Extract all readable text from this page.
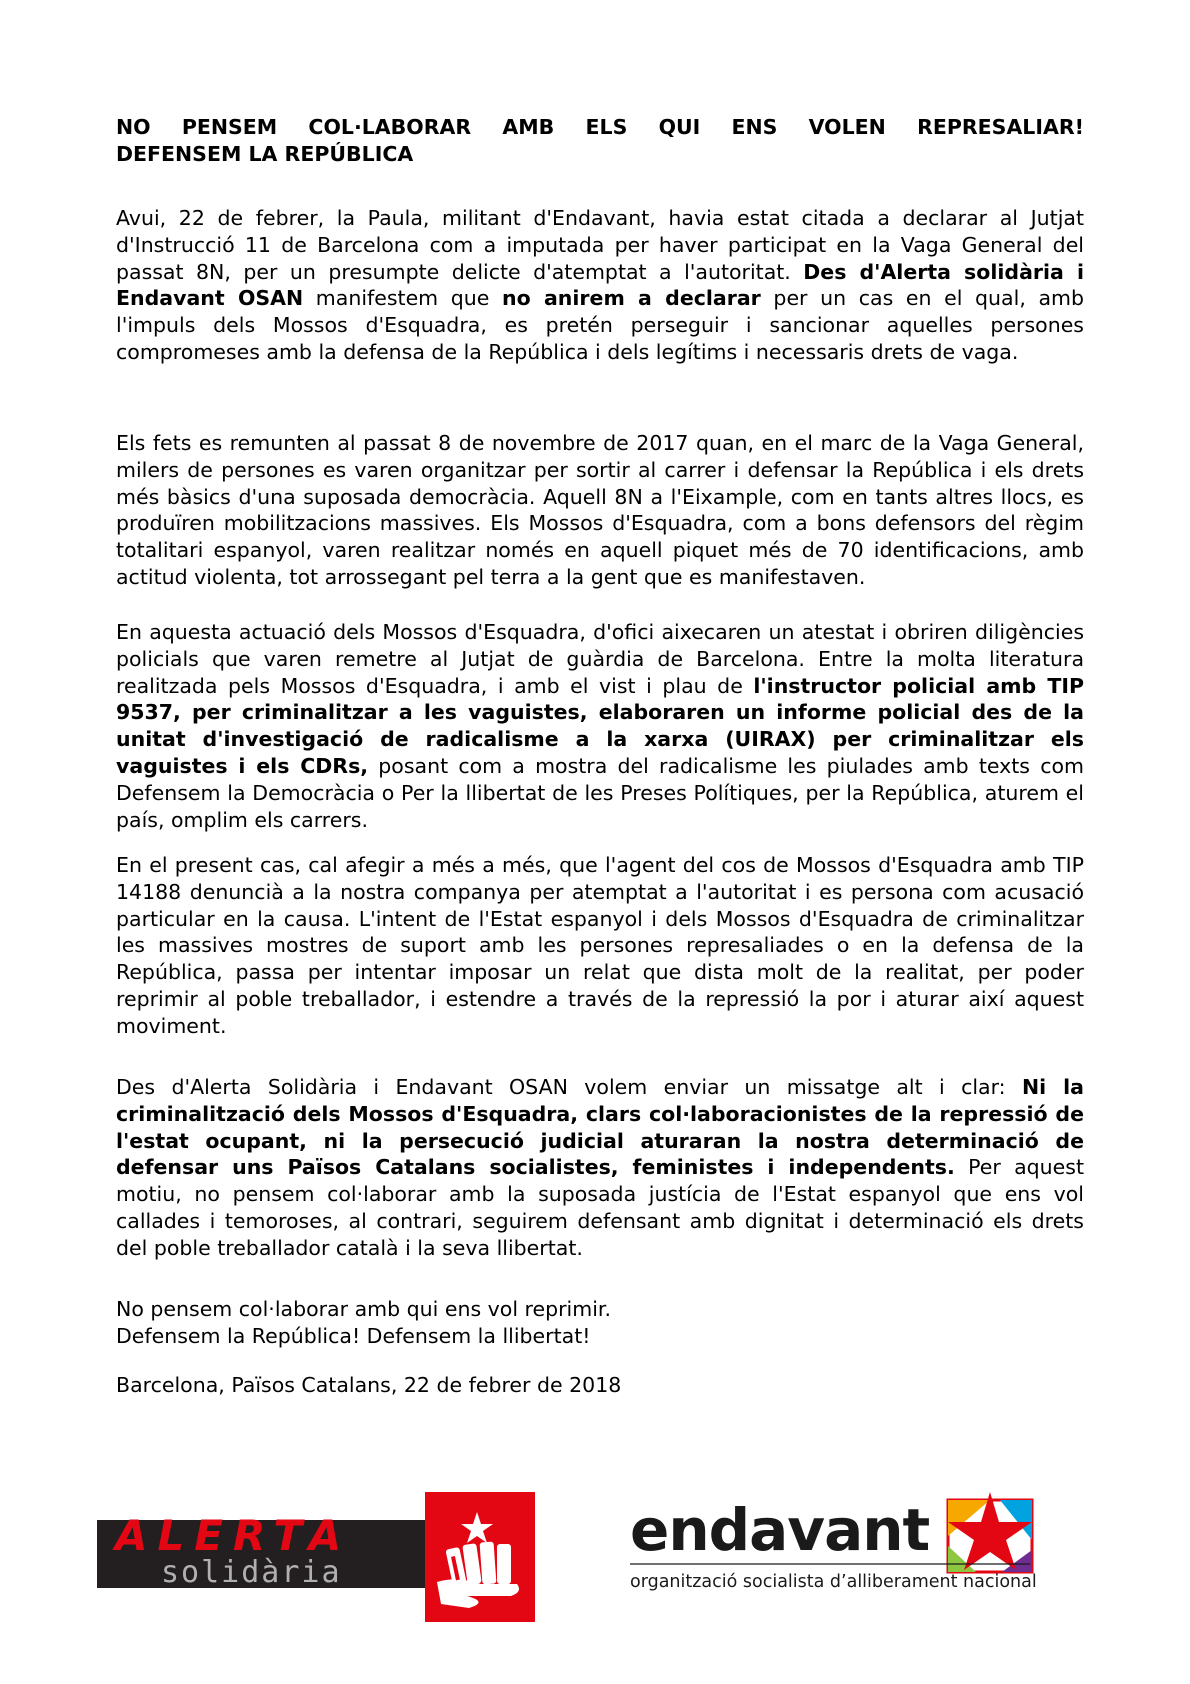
NO PENSEM COL·LABORAR AMB ELS QUI ENS VOLEN REPRESALIAR!
DEFENSEM LA REPÚBLICA

Avui, 22 de febrer, la Paula, militant d'Endavant, havia estat citada a declarar al Jutjat d'Instrucció 11 de Barcelona com a imputada per haver participat en la Vaga General del passat 8N, per un presumpte delicte d'atemptat a l'autoritat. Des d'Alerta solidària i Endavant OSAN manifestem que no anirem a declarar per un cas en el qual, amb l'impuls dels Mossos d'Esquadra, es pretén perseguir i sancionar aquelles persones compromeses amb la defensa de la República i dels legítims i necessaris drets de vaga.

Els fets es remunten al passat 8 de novembre de 2017 quan, en el marc de la Vaga General, milers de persones es varen organitzar per sortir al carrer i defensar la República i els drets més bàsics d'una suposada democràcia. Aquell 8N a l'Eixample, com en tants altres llocs, es produïren mobilitzacions massives. Els Mossos d'Esquadra, com a bons defensors del règim totalitari espanyol, varen realitzar només en aquell piquet més de 70 identificacions, amb actitud violenta, tot arrossegant pel terra a la gent que es manifestaven.

En aquesta actuació dels Mossos d'Esquadra, d'ofici aixecaren un atestat i obriren diligències policials que varen remetre al Jutjat de guàrdia de Barcelona. Entre la molta literatura realitzada pels Mossos d'Esquadra, i amb el vist i plau de l'instructor policial amb TIP 9537, per criminalitzar a les vaguistes, elaboraren un informe policial des de la unitat d'investigació de radicalisme a la xarxa (UIRAX) per criminalitzar els vaguistes i els CDRs, posant com a mostra del radicalisme les piulades amb texts com Defensem la Democràcia o Per la llibertat de les Preses Polítiques, per la República, aturem el país, omplim els carrers.

En el present cas, cal afegir a més a més, que l'agent del cos de Mossos d'Esquadra amb TIP 14188 denuncià a la nostra companya per atemptat a l'autoritat i es persona com acusació particular en la causa. L'intent de l'Estat espanyol i dels Mossos d'Esquadra de criminalitzar les massives mostres de suport amb les persones represaliades o en la defensa de la República, passa per intentar imposar un relat que dista molt de la realitat, per poder reprimir al poble treballador, i estendre a través de la repressió la por i aturar així aquest moviment.

Des d'Alerta Solidària i Endavant OSAN volem enviar un missatge alt i clar: Ni la criminalització dels Mossos d'Esquadra, clars col·laboracionistes de la repressió de l'estat ocupant, ni la persecució judicial aturaran la nostra determinació de defensar uns Països Catalans socialistes, feministes i independents. Per aquest motiu, no pensem col·laborar amb la suposada justícia de l'Estat espanyol que ens vol callades i temoroses, al contrari, seguirem defensant amb dignitat i determinació els drets del poble treballador català i la seva llibertat.

No pensem col·laborar amb qui ens vol reprimir.
Defensem la República! Defensem la llibertat!

Barcelona, Països Catalans, 22 de febrer de 2018

ALERTA
solidària
endavant
organització socialista d’alliberament nacional
